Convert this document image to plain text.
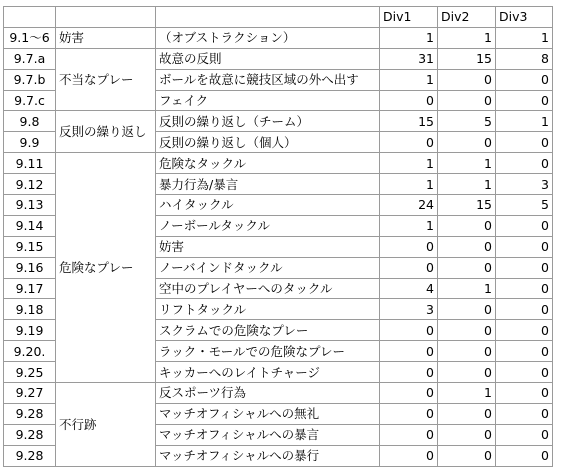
			Div1	Div2	Div3
9.1〜6	妨害	（オブストラクション）	1	1	1
9.7.a	不当なプレー	故意の反則	31	15	8
9.7.b		ボールを故意に競技区域の外へ出す	1	0	0
9.7.c		フェイク	0	0	0
9.8	反則の繰り返し	反則の繰り返し（チーム）	15	5	1
9.9		反則の繰り返し（個人）	0	0	0
9.11	危険なプレー	危険なタックル	1	1	0
9.12		暴力行為/暴言	1	1	3
9.13		ハイタックル	24	15	5
9.14		ノーボールタックル	1	0	0
9.15		妨害	0	0	0
9.16		ノーバインドタックル	0	0	0
9.17		空中のプレイヤーへのタックル	4	1	0
9.18		リフトタックル	3	0	0
9.19		スクラムでの危険なプレー	0	0	0
9.20.		ラック・モールでの危険なプレー	0	0	0
9.25		キッカーへのレイトチャージ	0	0	0
9.27	不行跡	反スポーツ行為	0	1	0
9.28		マッチオフィシャルへの無礼	0	0	0
9.28		マッチオフィシャルへの暴言	0	0	0
9.28		マッチオフィシャルへの暴行	0	0	0
